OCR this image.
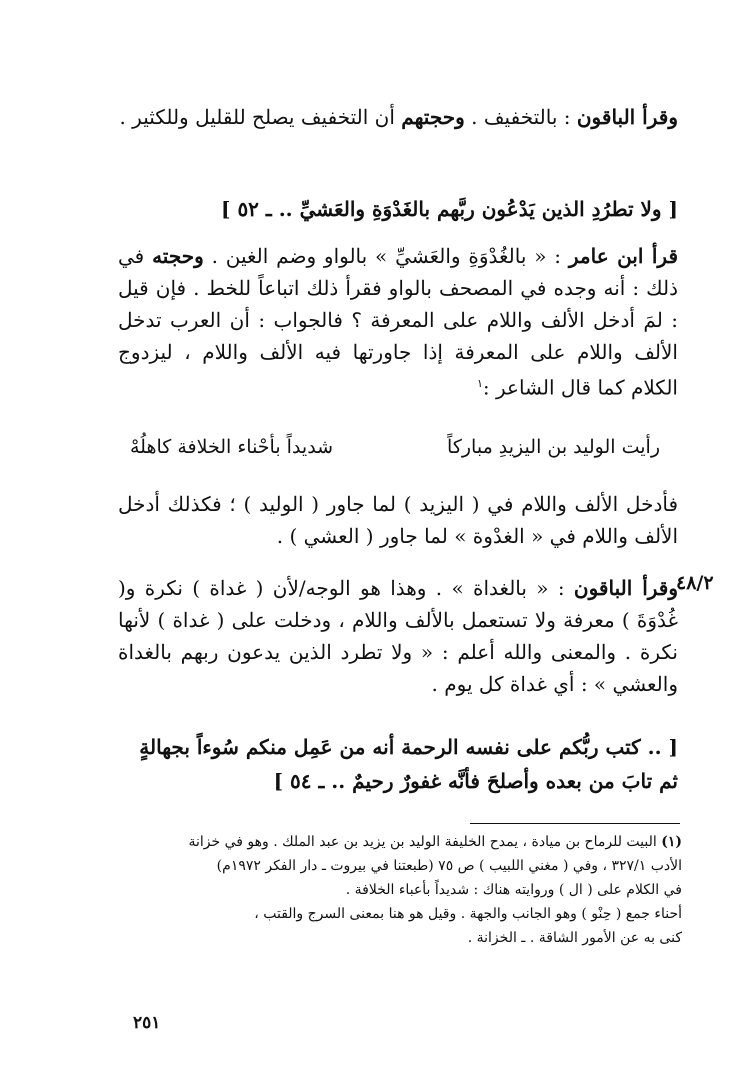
وقرأ الباقون : بالتخفيف . وحجتهم أن التخفيف يصلح للقليل وللكثير .
[ ولا تطرُدِ الذين يَدْعُون ربَّهم بالغَدْوَةِ والعَشيِّ .. ـ ٥٢ ]
قرأ ابن عامر : « بالغُدْوَةِ والعَشيِّ » بالواو وضم الغين . وحجته في ذلك : أنه وجده في المصحف بالواو فقرأ ذلك اتباعاً للخط . فإن قيل : لمَ أدخل الألف واللام على المعرفة ؟ فالجواب : أن العرب تدخل الألف واللام على المعرفة إذا جاورتها فيه الألف واللام ، ليزدوج الكلام كما قال الشاعر :$^١$
رأيت الوليد بن اليزيدِ مباركاً
شديداً بأحْناء الخلافة كاهلُهْ
فأدخل الألف واللام في ( اليزيد ) لما جاور ( الوليد ) ؛ فكذلك أدخل الألف واللام في « الغدْوة » لما جاور ( العشي ) .
٤٨/٢
وقرأ الباقون : « بالغداة » . وهذا هو الوجه/لأن ( غداة ) نكرة و( غُدْوَةَ ) معرفة ولا تستعمل بالألف واللام ، ودخلت على ( غداة ) لأنها نكرة . والمعنى والله أعلم : « ولا تطرد الذين يدعون ربهم بالغداة والعشي » : أي غداة كل يوم .
[ .. كتب ربُّكم على نفسه الرحمة أنه من عَمِل منكم سُوءاً بجهالةٍ
ثم تابَ من بعده وأصلحَ فأنَّه غفورٌ رحيمٌ .. ـ ٥٤ ]
(١) البيت للرماح بن ميادة ، يمدح الخليفة الوليد بن يزيد بن عبد الملك . وهو في خزانة
الأدب ٣٢٧/١ ، وفي ( مغني اللبيب ) ص ٧٥ (طبعتنا في بيروت ـ دار الفكر ١٩٧٢م)
في الكلام على ( ال ) وروايته هناك : شديداً بأعباء الخلافة .
أحناء جمع ( حِنْو ) وهو الجانب والجهة . وقيل هو هنا بمعنى السرج والقتب ،
كنى به عن الأمور الشاقة . ـ الخزانة .
٢٥١
